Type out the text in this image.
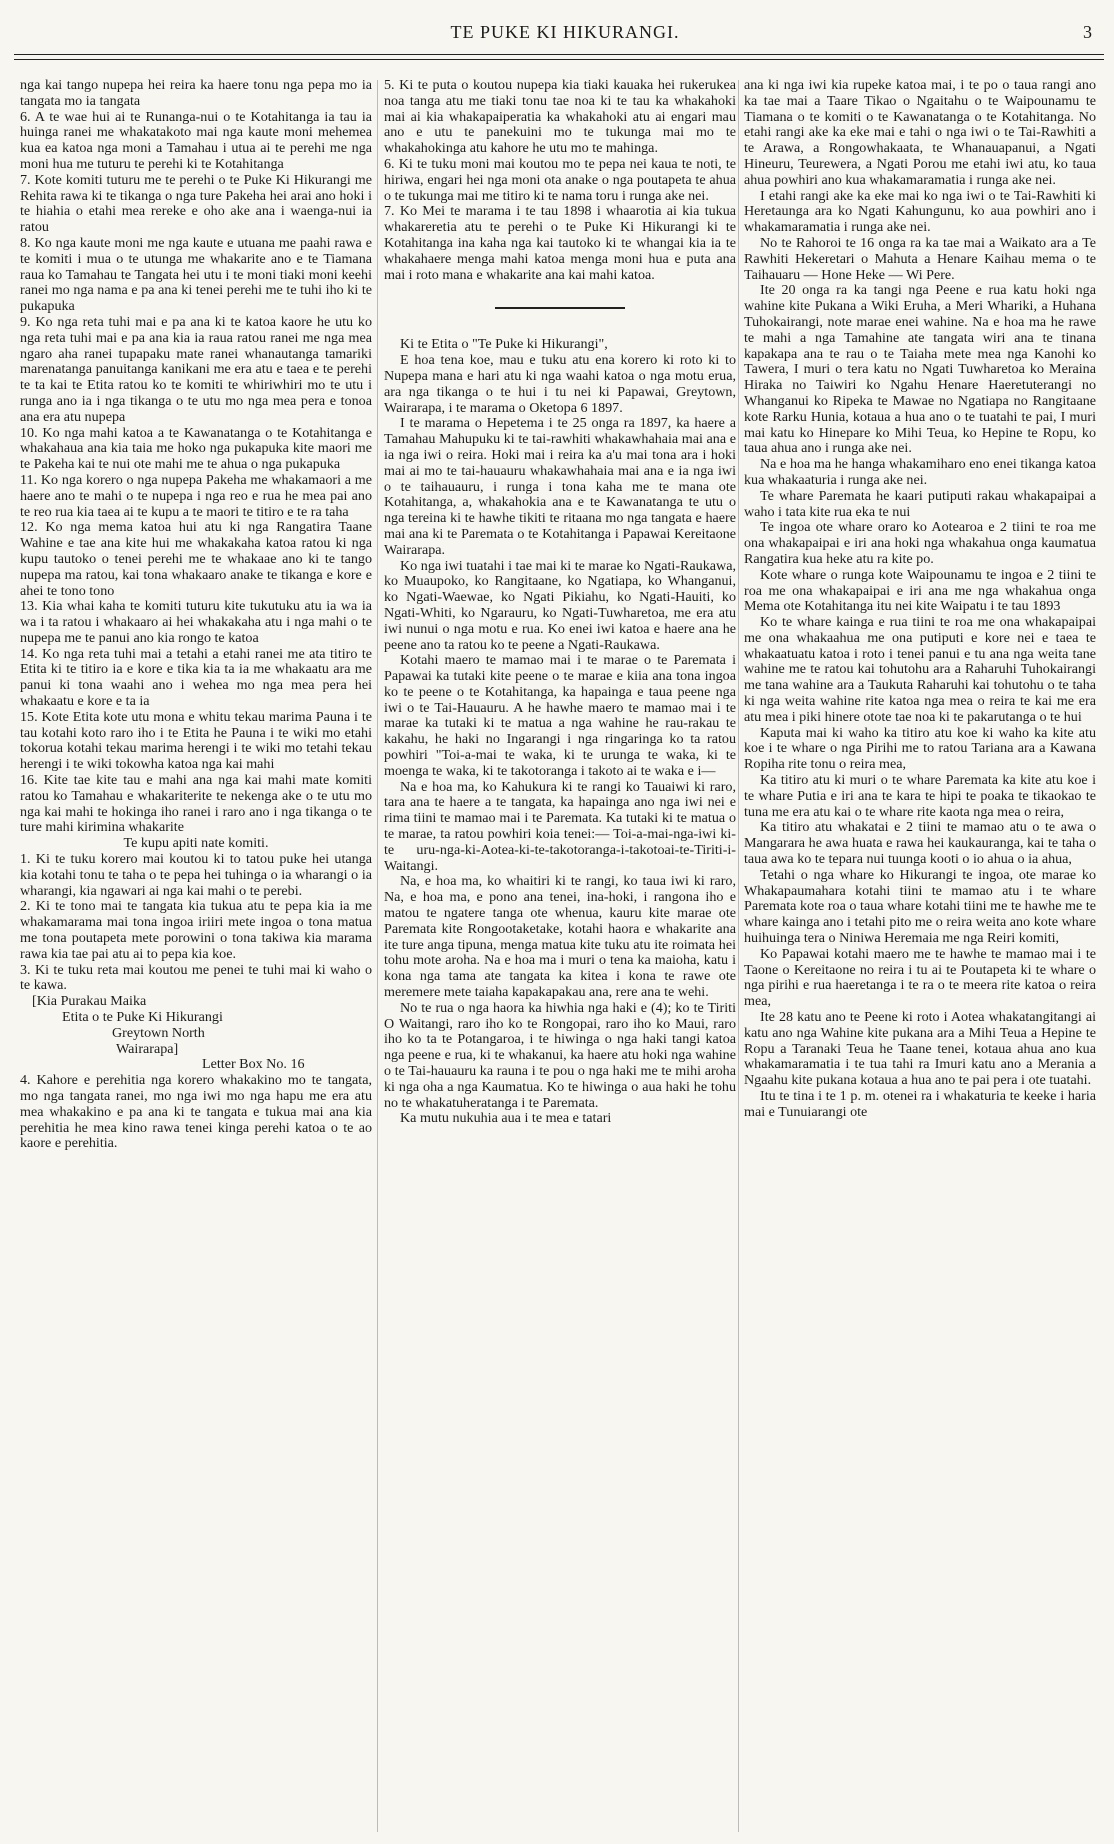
TE PUKE KI HIKURANGI.	3

nga kai tango nupepa hei reira ka haere tonu nga pepa mo ia tangata mo ia tangata

6. A te wae hui ai te Runanga-nui o te Kotahitanga ia tau ia huinga ranei me whakatakoto mai nga kaute moni mehemea kua ea katoa nga moni a Tamahau i utua ai te perehi me nga moni hua me tuturu te perehi ki te Kotahitanga

7. Kote komiti tuturu me te perehi o te Puke Ki Hikurangi me Rehita rawa ki te tikanga o nga ture Pakeha hei arai ano hoki i te hiahia o etahi mea rereke e oho ake ana i waenga-nui ia ratou

8. Ko nga kaute moni me nga kaute e utuana me paahi rawa e te komiti i mua o te utunga me whakarite ano e te Tiamana raua ko Tamahau te Tangata hei utu i te moni tiaki moni keehi ranei mo nga nama e pa ana ki tenei perehi me te tuhi iho ki te pukapuka

9. Ko nga reta tuhi mai e pa ana ki te katoa kaore he utu ko nga reta tuhi mai e pa ana kia ia raua ratou ranei me nga mea ngaro aha ranei tupapaku mate ranei whanautanga tamariki marenatanga panuitanga kanikani me era atu e taea e te perehi te ta kai te Etita ratou ko te komiti te whiriwhiri mo te utu i runga ano ia i nga tikanga o te utu mo nga mea pera e tonoa ana era atu nupepa

10. Ko nga mahi katoa a te Kawanatanga o te Kotahitanga e whakahaua ana kia taia me hoko nga pukapuka kite maori me te Pakeha kai te nui ote mahi me te ahua o nga pukapuka

11. Ko nga korero o nga nupepa Pakeha me whakamaori a me haere ano te mahi o te nupepa i nga reo e rua he mea pai ano te reo rua kia taea ai te kupu a te maori te titiro e te ra taha

12. Ko nga mema katoa hui atu ki nga Rangatira Taane Wahine e tae ana kite hui me whakakaha katoa ratou ki nga kupu tautoko o tenei perehi me te whakaae ano ki te tango nupepa ma ratou, kai tona whakaaro anake te tikanga e kore e ahei te tono tono

13. Kia whai kaha te komiti tuturu kite tukutuku atu ia wa ia wa i ta ratou i whakaaro ai hei whakakaha atu i nga mahi o te nupepa me te panui ano kia rongo te katoa

14. Ko nga reta tuhi mai a tetahi a etahi ranei me ata titiro te Etita ki te titiro ia e kore e tika kia ta ia me whakaatu ara me panui ki tona waahi ano i wehea mo nga mea pera hei whakaatu e kore e ta ia

15. Kote Etita kote utu mona e whitu tekau marima Pauna i te tau kotahi koto raro iho i te Etita he Pauna i te wiki mo etahi tokorua kotahi tekau marima herengi i te wiki mo tetahi tekau herengi i te wiki tokowha katoa nga kai mahi

16. Kite tae kite tau e mahi ana nga kai mahi mate komiti ratou ko Tamahau e whakariterite te nekenga ake o te utu mo nga kai mahi te hokinga iho ranei i raro ano i nga tikanga o te ture mahi kirimina whakarite

Te kupu apiti nate komiti.

1. Ki te tuku korero mai koutou ki to tatou puke hei utanga kia kotahi tonu te taha o te pepa hei tuhinga o ia wharangi o ia wharangi, kia ngawari ai nga kai mahi o te perebi.

2. Ki te tono mai te tangata kia tukua atu te pepa kia ia me whakamarama mai tona ingoa iriiri mete ingoa o tona matua me tona poutapeta mete porowini o tona takiwa kia marama rawa kia tae pai atu ai to pepa kia koe.

3. Ki te tuku reta mai koutou me penei te tuhi mai ki waho o te kawa.

[Kia Purakau Maika

Etita o te Puke Ki Hikurangi

Greytown North

Wairarapa]

Letter Box No. 16

4. Kahore e perehitia nga korero whakakino mo te tangata, mo nga tangata ranei, mo nga iwi mo nga hapu me era atu mea whakakino e pa ana ki te tangata e tukua mai ana kia perehitia he mea kino rawa tenei kinga perehi katoa o te ao kaore e perehitia.

5. Ki te puta o koutou nupepa kia tiaki kauaka hei rukerukea noa tanga atu me tiaki tonu tae noa ki te tau ka whakahoki mai ai kia whakapaiperatia ka whakahoki atu ai engari mau ano e utu te panekuini mo te tukunga mai mo te whakahokinga atu kahore he utu mo te mahinga.

6. Ki te tuku moni mai koutou mo te pepa nei kaua te noti, te hiriwa, engari hei nga moni ota anake o nga poutapeta te ahua o te tukunga mai me titiro ki te nama toru i runga ake nei.

7. Ko Mei te marama i te tau 1898 i whaarotia ai kia tukua whakareretia atu te perehi o te Puke Ki Hikurangi ki te Kotahitanga ina kaha nga kai tautoko ki te whangai kia ia te whakahaere menga mahi katoa menga moni hua e puta ana mai i roto mana e whakarite ana kai mahi katoa.

Ki te Etita o "Te Puke ki Hikurangi",

E hoa tena koe, mau e tuku atu ena korero ki roto ki to Nupepa mana e hari atu ki nga waahi katoa o nga motu erua, ara nga tikanga o te hui i tu nei ki Papawai, Greytown, Wairarapa, i te marama o Oketopa 6 1897.

I te marama o Hepetema i te 25 onga ra 1897, ka haere a Tamahau Mahupuku ki te tai-rawhiti whakawhahaia mai ana e ia nga iwi o reira. Hoki mai i reira ka a'u mai tona ara i hoki mai ai mo te tai-hauauru whakawhahaia mai ana e ia nga iwi o te taihauauru, i runga i tona kaha me te mana ote Kotahitanga, a, whakahokia ana e te Kawanatanga te utu o nga tereina ki te hawhe tikiti te ritaana mo nga tangata e haere mai ana ki te Paremata o te Kotahitanga i Papawai Kereitaone Wairarapa.

Ko nga iwi tuatahi i tae mai ki te marae ko Ngati-Raukawa, ko Muaupoko, ko Rangitaane, ko Ngatiapa, ko Whanganui, ko Ngati-Waewae, ko Ngati Pikiahu, ko Ngati-Hauiti, ko Ngati-Whiti, ko Ngarauru, ko Ngati-Tuwharetoa, me era atu iwi nunui o nga motu e rua. Ko enei iwi katoa e haere ana he peene ano ta ratou ko te peene a Ngati-Raukawa.

Kotahi maero te mamao mai i te marae o te Paremata i Papawai ka tutaki kite peene o te marae e kiia ana tona ingoa ko te peene o te Kotahitanga, ka hapainga e taua peene nga iwi o te Tai-Hauauru. A he hawhe maero te mamao mai i te marae ka tutaki ki te matua a nga wahine he rau-rakau te kakahu, he haki no Ingarangi i nga ringaringa ko ta ratou powhiri "Toi-a-mai te waka, ki te urunga te waka, ki te moenga te waka, ki te takotoranga i takoto ai te waka e i—

Na e hoa ma, ko Kahukura ki te rangi ko Tauaiwi ki raro, tara ana te haere a te tangata, ka hapainga ano nga iwi nei e rima tiini te mamao mai i te Paremata. Ka tutaki ki te matua o te marae, ta ratou powhiri koia tenei:— Toi-a-mai-nga-iwi ki-te uru-nga-ki-Aotea-ki-te-takotoranga-i-takotoai-te-Tiriti-i-Waitangi.

Na, e hoa ma, ko whaitiri ki te rangi, ko taua iwi ki raro, Na, e hoa ma, e pono ana tenei, ina-hoki, i rangona iho e matou te ngatere tanga ote whenua, kauru kite marae ote Paremata kite Rongootaketake, kotahi haora e whakarite ana ite ture anga tipuna, menga matua kite tuku atu ite roimata hei tohu mote aroha. Na e hoa ma i muri o tena ka maioha, katu i kona nga tama ate tangata ka kitea i kona te rawe ote meremere mete taiaha kapakapakau ana, rere ana te wehi.

No te rua o nga haora ka hiwhia nga haki e (4); ko te Tiriti O Waitangi, raro iho ko te Rongopai, raro iho ko Maui, raro iho ko ta te Potangaroa, i te hiwinga o nga haki tangi katoa nga peene e rua, ki te whakanui, ka haere atu hoki nga wahine o te Tai-hauauru ka rauna i te pou o nga haki me te mihi aroha ki nga oha a nga Kaumatua. Ko te hiwinga o aua haki he tohu no te whakatuheratanga i te Paremata.

Ka mutu nukuhia aua i te mea e tatari

ana ki nga iwi kia rupeke katoa mai, i te po o taua rangi ano ka tae mai a Taare Tikao o Ngaitahu o te Waipounamu te Tiamana o te komiti o te Kawanatanga o te Kotahitanga. No etahi rangi ake ka eke mai e tahi o nga iwi o te Tai-Rawhiti a te Arawa, a Rongowhakaata, te Whanauapanui, a Ngati Hineuru, Teurewera, a Ngati Porou me etahi iwi atu, ko taua ahua powhiri ano kua whakamaramatia i runga ake nei.

I etahi rangi ake ka eke mai ko nga iwi o te Tai-Rawhiti ki Heretaunga ara ko Ngati Kahungunu, ko aua powhiri ano i whakamaramatia i runga ake nei.

No te Rahoroi te 16 onga ra ka tae mai a Waikato ara a Te Rawhiti Hekeretari o Mahuta a Henare Kaihau mema o te Taihauaru — Hone Heke — Wi Pere.

Ite 20 onga ra ka tangi nga Peene e rua katu hoki nga wahine kite Pukana a Wiki Eruha, a Meri Whariki, a Huhana Tuhokairangi, note marae enei wahine. Na e hoa ma he rawe te mahi a nga Tamahine ate tangata wiri ana te tinana kapakapa ana te rau o te Taiaha mete mea nga Kanohi ko Tawera, I muri o tera katu no Ngati Tuwharetoa ko Meraina Hiraka no Taiwiri ko Ngahu Henare Haeretuterangi no Whanganui ko Ripeka te Mawae no Ngatiapa no Rangitaane kote Rarku Hunia, kotaua a hua ano o te tuatahi te pai, I muri mai katu ko Hinepare ko Mihi Teua, ko Hepine te Ropu, ko taua ahua ano i runga ake nei.

Na e hoa ma he hanga whakamiharo eno enei tikanga katoa kua whakaaturia i runga ake nei.

Te whare Paremata he kaari putiputi rakau whakapaipai a waho i tata kite rua eka te nui

Te ingoa ote whare oraro ko Aotearoa e 2 tiini te roa me ona whakapaipai e iri ana hoki nga whakahua onga kaumatua Rangatira kua heke atu ra kite po.

Kote whare o runga kote Waipounamu te ingoa e 2 tiini te roa me ona whakapaipai e iri ana me nga whakahua onga Mema ote Kotahitanga itu nei kite Waipatu i te tau 1893

Ko te whare kainga e rua tiini te roa me ona whakapaipai me ona whakaahua me ona putiputi e kore nei e taea te whakaatuatu katoa i roto i tenei panui e tu ana nga weita tane wahine me te ratou kai tohutohu ara a Raharuhi Tuhokairangi me tana wahine ara a Taukuta Raharuhi kai tohutohu o te taha ki nga weita wahine rite katoa nga mea o reira te kai me era atu mea i piki hinere otote tae noa ki te pakarutanga o te hui

Kaputa mai ki waho ka titiro atu koe ki waho ka kite atu koe i te whare o nga Pirihi me to ratou Tariana ara a Kawana Ropiha rite tonu o reira mea,

Ka titiro atu ki muri o te whare Paremata ka kite atu koe i te whare Putia e iri ana te kara te hipi te poaka te tikaokao te tuna me era atu kai o te whare rite kaota nga mea o reira,

Ka titiro atu whakatai e 2 tiini te mamao atu o te awa o Mangarara he awa huata e rawa hei kaukauranga, kai te taha o taua awa ko te tepara nui tuunga kooti o io ahua o ia ahua,

Tetahi o nga whare ko Hikurangi te ingoa, ote marae ko Whakapaumahara kotahi tiini te mamao atu i te whare Paremata kote roa o taua whare kotahi tiini me te hawhe me te whare kainga ano i tetahi pito me o reira weita ano kote whare huihuinga tera o Niniwa Heremaia me nga Reiri komiti,

Ko Papawai kotahi maero me te hawhe te mamao mai i te Taone o Kereitaone no reira i tu ai te Poutapeta ki te whare o nga pirihi e rua haeretanga i te ra o te meera rite katoa o reira mea,

Ite 28 katu ano te Peene ki roto i Aotea whakatangitangi ai katu ano nga Wahine kite pukana ara a Mihi Teua a Hepine te Ropu a Taranaki Teua he Taane tenei, kotaua ahua ano kua whakamaramatia i te tua tahi ra Imuri katu ano a Merania a Ngaahu kite pukana kotaua a hua ano te pai pera i ote tuatahi.

Itu te tina i te 1 p. m. otenei ra i whakaturia te keeke i haria mai e Tunuiarangi ote
